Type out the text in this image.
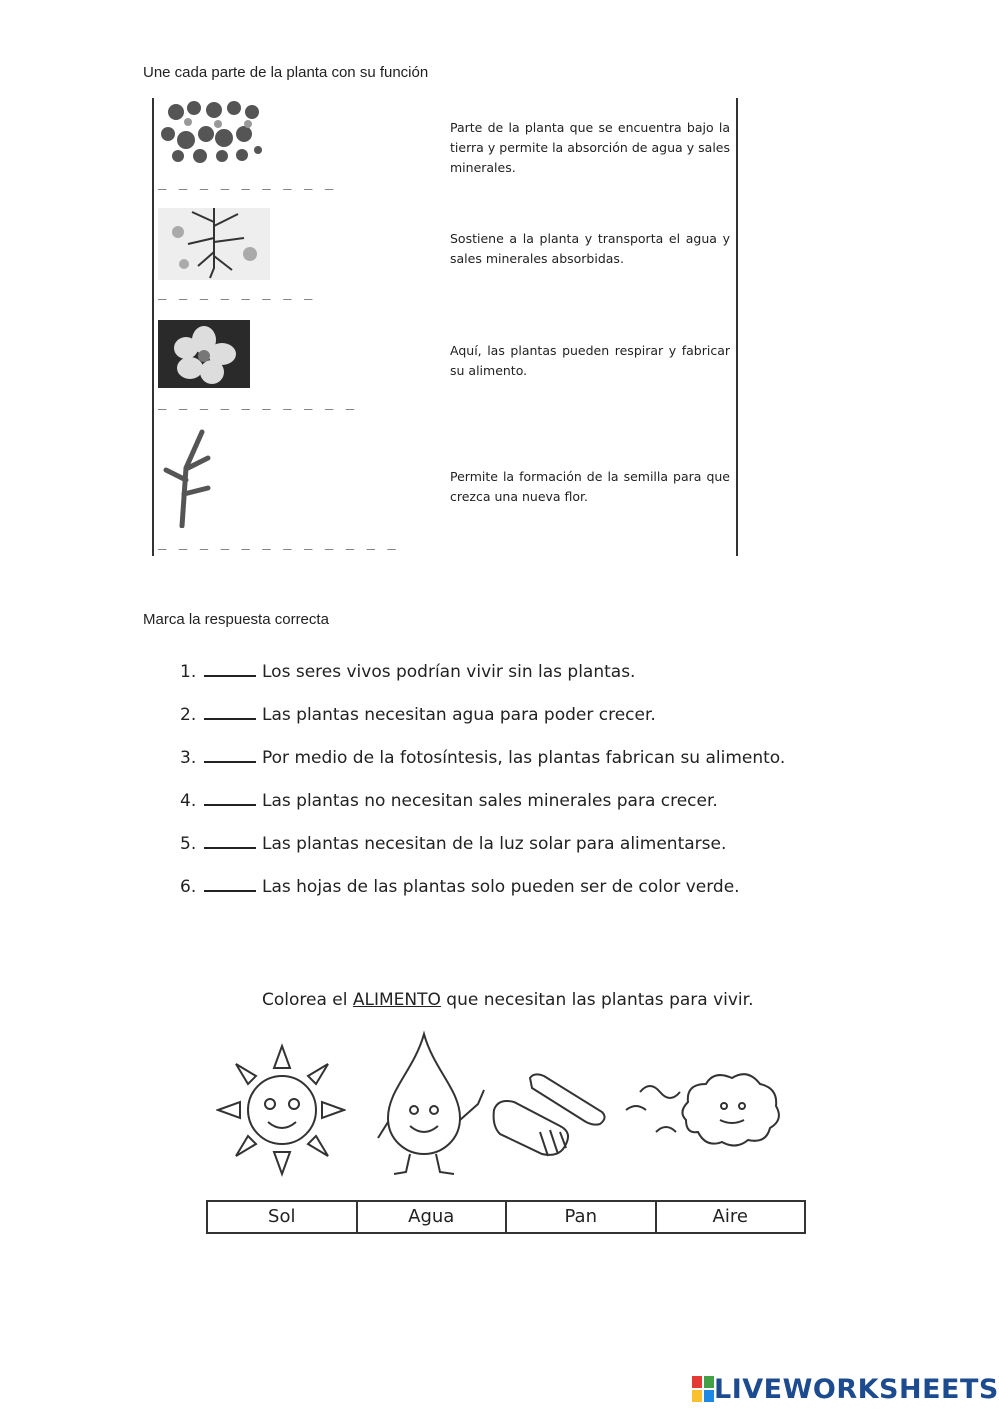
Une cada parte de la planta con su función
_ _ _ _ _ _ _ _ _
Parte de la planta que se encuentra bajo la tierra y permite la absorción de agua y sales minerales.
_ _ _ _ _ _ _ _
Sostiene a la planta y transporta el agua y sales minerales absorbidas.
_ _ _ _ _ _ _ _ _ _
Aquí, las plantas pueden respirar y fabricar su alimento.
_ _ _ _ _ _ _ _ _ _ _ _
Permite la formación de la semilla para que crezca una nueva flor.
Marca la respuesta correcta
1.	Los seres vivos podrían vivir sin las plantas.
2.	Las plantas necesitan agua para poder crecer.
3.	Por medio de la fotosíntesis, las plantas fabrican su alimento.
4.	Las plantas no necesitan sales minerales para crecer.
5.	Las plantas necesitan de la luz solar para alimentarse.
6.	Las hojas de las plantas solo pueden ser de color verde.
Colorea el ALIMENTO que necesitan las plantas para vivir.
Sol	Agua	Pan	Aire
LIVEWORKSHEETS
